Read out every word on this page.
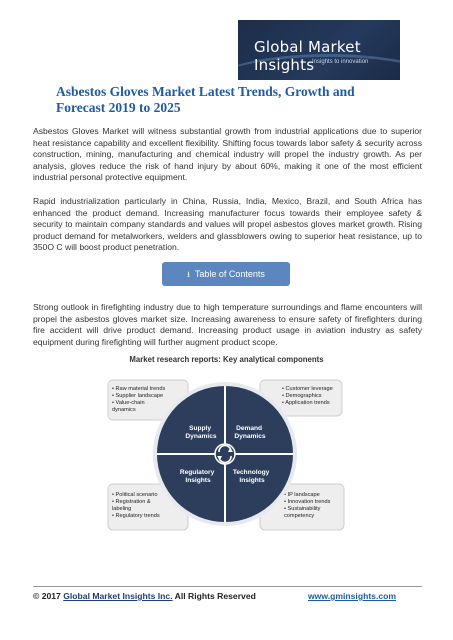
Global Market Insights
Insights to innovation
Asbestos Gloves Market Latest Trends, Growth and Forecast 2019 to 2025

Asbestos Gloves Market will witness substantial growth from industrial applications due to superior heat resistance capability and excellent flexibility. Shifting focus towards labor safety & security across construction, mining, manufacturing and chemical industry will propel the industry growth. As per analysis, gloves reduce the risk of hand injury by about 60%, making it one of the most efficient industrial personal protective equipment.

Rapid industrialization particularly in China, Russia, India, Mexico, Brazil, and South Africa has enhanced the product demand. Increasing manufacturer focus towards their employee safety & security to maintain company standards and values will propel asbestos gloves market growth. Rising product demand for metalworkers, welders and glassblowers owing to superior heat resistance, up to 350O C will boost product penetration.

⭳ Table of Contents

Strong outlook in firefighting industry due to high temperature surroundings and flame encounters will propel the asbestos gloves market size. Increasing awareness to ensure safety of firefighters during fire accident will drive product demand. Increasing product usage in aviation industry as safety equipment during firefighting will further augment product scope.

Market research reports: Key analytical components

• Raw material trends • Supplier landscape • Value-chain dynamics
• Customer leverage • Demographics • Application trends
• Political scenario • Registration & labeling • Regulatory trends
• IP landscape • Innovation trends • Sustainability competency
Supply Dynamics
Demand Dynamics
Regulatory Insights
Technology Insights
© 2017 Global Market Insights Inc. All Rights Reserved	www.gminsights.com
